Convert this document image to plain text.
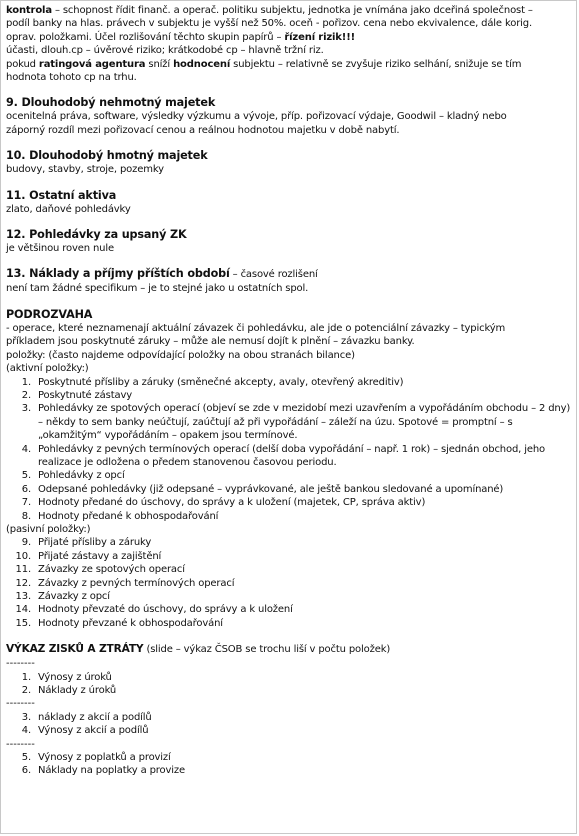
kontrola – schopnost řídit finanč. a operač. politiku subjektu, jednotka je vnímána jako dceřiná společnost –

podíl banky na hlas. právech v subjektu je vyšší než 50%. oceň - pořizov. cena nebo ekvivalence, dále korig.

oprav. položkami. Účel rozlišování těchto skupin papírů – řízení rizik!!!

účasti, dlouh.cp – úvěrové riziko; krátkodobé cp – hlavně tržní riz.

pokud ratingová agentura sníží hodnocení subjektu – relativně se zvyšuje riziko selhání, snižuje se tím

hodnota tohoto cp na trhu.

9. Dlouhodobý nehmotný majetek

ocenitelná práva, software, výsledky výzkumu a vývoje, příp. pořizovací výdaje, Goodwil – kladný nebo

záporný rozdíl mezi pořizovací cenou a reálnou hodnotou majetku v době nabytí.

10. Dlouhodobý hmotný majetek

budovy, stavby, stroje, pozemky

11. Ostatní aktiva

zlato, daňové pohledávky

12. Pohledávky za upsaný ZK

je většinou roven nule

13. Náklady a příjmy příštích období – časové rozlišení

není tam žádné specifikum – je to stejné jako u ostatních spol.

PODROZVAHA

- operace, které neznamenají aktuální závazek či pohledávku, ale jde o potenciální závazky – typickým

příkladem jsou poskytnuté záruky – může ale nemusí dojít k plnění – závazku banky.

položky: (často najdeme odpovídající položky na obou stranách bilance)

(aktivní položky:)

1. Poskytnuté přísliby a záruky (směnečné akcepty, avaly, otevřený akreditiv)
2. Poskytnuté zástavy
3. Pohledávky ze spotových operací (objeví se zde v mezidobí mezi uzavřením a vypořádáním obchodu – 2 dny) – někdy to sem banky neúčtují, zaúčtují až při vypořádání – záleží na úzu. Spotové = promptní – s „okamžitým“ vypořádáním – opakem jsou termínové.
4. Pohledávky z pevných termínových operací (delší doba vypořádání – např. 1 rok) – sjednán obchod, jeho realizace je odložena o předem stanovenou časovou periodu.
5. Pohledávky z opcí
6. Odepsané pohledávky (již odepsané – vyprávkované, ale ještě bankou sledované a upomínané)
7. Hodnoty předané do úschovy, do správy a k uložení (majetek, CP, správa aktiv)
8. Hodnoty předané k obhospodařování

(pasivní položky:)

9. Přijaté přísliby a záruky
10. Přijaté zástavy a zajištění
11. Závazky ze spotových operací
12. Závazky z pevných termínových operací
13. Závazky z opcí
14. Hodnoty převzaté do úschovy, do správy a k uložení
15. Hodnoty převzané k obhospodařování
VÝKAZ ZISKŮ A ZTRÁTY (slide – výkaz ČSOB se trochu liší v počtu položek)

--------

1. Výnosy z úroků
2. Náklady z úroků

--------

3. náklady z akcií a podílů
4. Výnosy z akcií a podílů

--------

5. Výnosy z poplatků a provizí
6. Náklady na poplatky a provize
